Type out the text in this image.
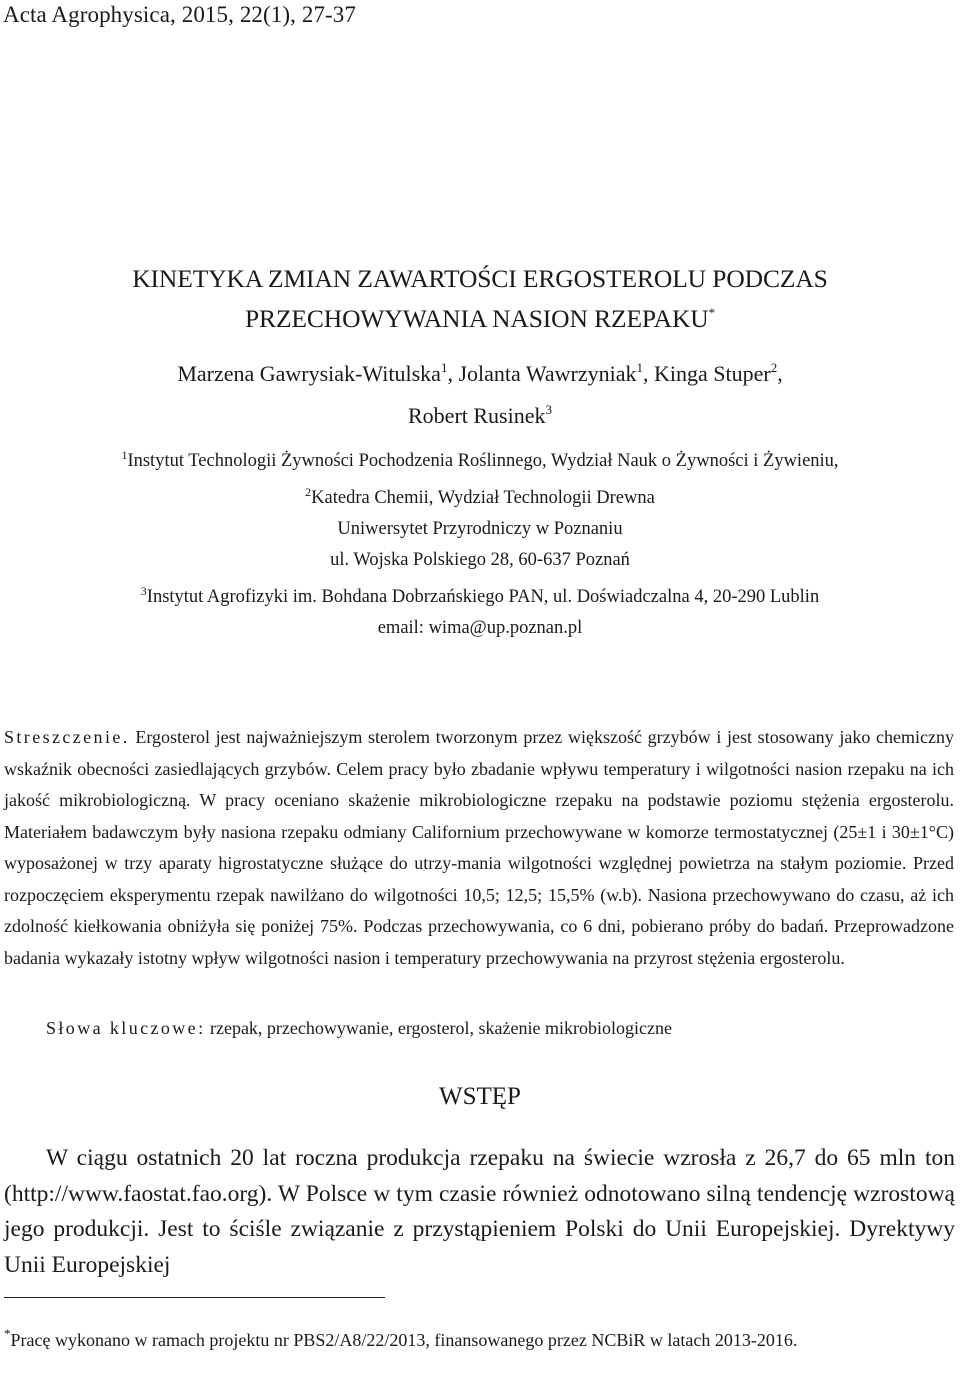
Acta Agrophysica, 2015, 22(1), 27-37
KINETYKA ZMIAN ZAWARTOŚCI ERGOSTEROLU PODCZAS
PRZECHOWYWANIA NASION RZEPAKU*
Marzena Gawrysiak-Witulska$^1$, Jolanta Wawrzyniak$^1$, Kinga Stuper$^2$,
Robert Rusinek$^3$
$^1$Instytut Technologii Żywności Pochodzenia Roślinnego, Wydział Nauk o Żywności i Żywieniu,
$^2$Katedra Chemii, Wydział Technologii Drewna
Uniwersytet Przyrodniczy w Poznaniu
ul. Wojska Polskiego 28, 60-637 Poznań
$^3$Instytut Agrofizyki im. Bohdana Dobrzańskiego PAN, ul. Doświadczalna 4, 20-290 Lublin
email: wima@up.poznan.pl
Streszczenie. Ergosterol jest najważniejszym sterolem tworzonym przez większość grzybów i jest stosowany jako chemiczny wskaźnik obecności zasiedlających grzybów. Celem pracy było zbadanie wpływu temperatury i wilgotności nasion rzepaku na ich jakość mikrobiologiczną. W pracy oceniano skażenie mikrobiologiczne rzepaku na podstawie poziomu stężenia ergosterolu. Materiałem badawczym były nasiona rzepaku odmiany Californium przechowywane w komorze termostatycznej (25±1 i 30±1°C) wyposażonej w trzy aparaty higrostatyczne służące do utrzy-mania wilgotności względnej powietrza na stałym poziomie. Przed rozpoczęciem eksperymentu rzepak nawilżano do wilgotności 10,5; 12,5; 15,5% (w.b). Nasiona przechowywano do czasu, aż ich zdolność kiełkowania obniżyła się poniżej 75%. Podczas przechowywania, co 6 dni, pobierano próby do badań. Przeprowadzone badania wykazały istotny wpływ wilgotności nasion i temperatury przechowywania na przyrost stężenia ergosterolu.
Słowa kluczowe: rzepak, przechowywanie, ergosterol, skażenie mikrobiologiczne
WSTĘP
W ciągu ostatnich 20 lat roczna produkcja rzepaku na świecie wzrosła z 26,7 do 65 mln ton (http://www.faostat.fao.org). W Polsce w tym czasie również odnotowano silną tendencję wzrostową jego produkcji. Jest to ściśle związanie z przystąpieniem Polski do Unii Europejskiej. Dyrektywy Unii Europejskiej
*Pracę wykonano w ramach projektu nr PBS2/A8/22/2013, finansowanego przez NCBiR w latach 2013-2016.
